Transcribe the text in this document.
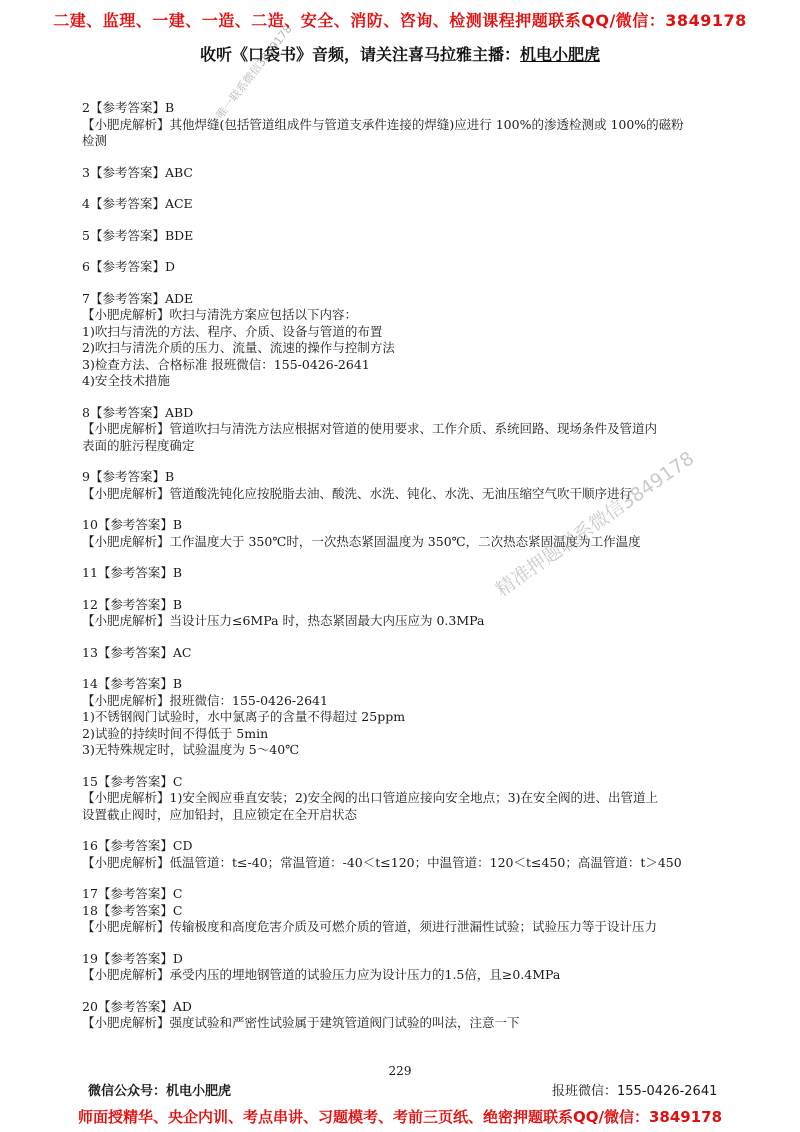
二建、监理、一建、一造、二造、安全、消防、咨询、检测课程押题联系QQ/微信：3849178
收听《口袋书》音频，请关注喜马拉雅主播：机电小肥虎

2【参考答案】B

【小肥虎解析】其他焊缝(包括管道组成件与管道支承件连接的焊缝)应进行 100%的渗透检测或 100%的磁粉

检测

3【参考答案】ABC

4【参考答案】ACE

5【参考答案】BDE

6【参考答案】D

7【参考答案】ADE

【小肥虎解析】吹扫与清洗方案应包括以下内容：

1)吹扫与清洗的方法、程序、介质、设备与管道的布置

2)吹扫与清洗介质的压力、流量、流速的操作与控制方法

3)检查方法、合格标准 报班微信：155-0426-2641

4)安全技术措施

8【参考答案】ABD

【小肥虎解析】管道吹扫与清洗方法应根据对管道的使用要求、工作介质、系统回路、现场条件及管道内

表面的脏污程度确定

9【参考答案】B

【小肥虎解析】管道酸洗钝化应按脱脂去油、酸洗、水洗、钝化、水洗、无油压缩空气吹干顺序进行

10【参考答案】B

【小肥虎解析】工作温度大于 350℃时，一次热态紧固温度为 350℃，二次热态紧固温度为工作温度

11【参考答案】B

12【参考答案】B

【小肥虎解析】当设计压力≤6MPa 时，热态紧固最大内压应为 0.3MPa

13【参考答案】AC

14【参考答案】B

【小肥虎解析】报班微信：155-0426-2641

1)不锈钢阀门试验时，水中氯离子的含量不得超过 25ppm

2)试验的持续时间不得低于 5min

3)无特殊规定时，试验温度为 5～40℃

15【参考答案】C

【小肥虎解析】1)安全阀应垂直安装；2)安全阀的出口管道应接向安全地点；3)在安全阀的进、出管道上

设置截止阀时，应加铅封，且应锁定在全开启状态

16【参考答案】CD

【小肥虎解析】低温管道：t≤-40；常温管道：-40＜t≤120；中温管道：120＜t≤450；高温管道：t＞450

17【参考答案】C

18【参考答案】C

【小肥虎解析】传输极度和高度危害介质及可燃介质的管道，须进行泄漏性试验；试验压力等于设计压力

19【参考答案】D

【小肥虎解析】承受内压的埋地钢管道的试验压力应为设计压力的1.5倍，且≥0.4MPa

20【参考答案】AD

【小肥虎解析】强度试验和严密性试验属于建筑管道阀门试验的叫法，注意一下

唯一联系微信3849178
精准押题联系微信3849178
229
微信公众号：机电小肥虎	报班微信：155-0426-2641
师面授精华、央企内训、考点串讲、习题模考、考前三页纸、绝密押题联系QQ/微信：3849178
